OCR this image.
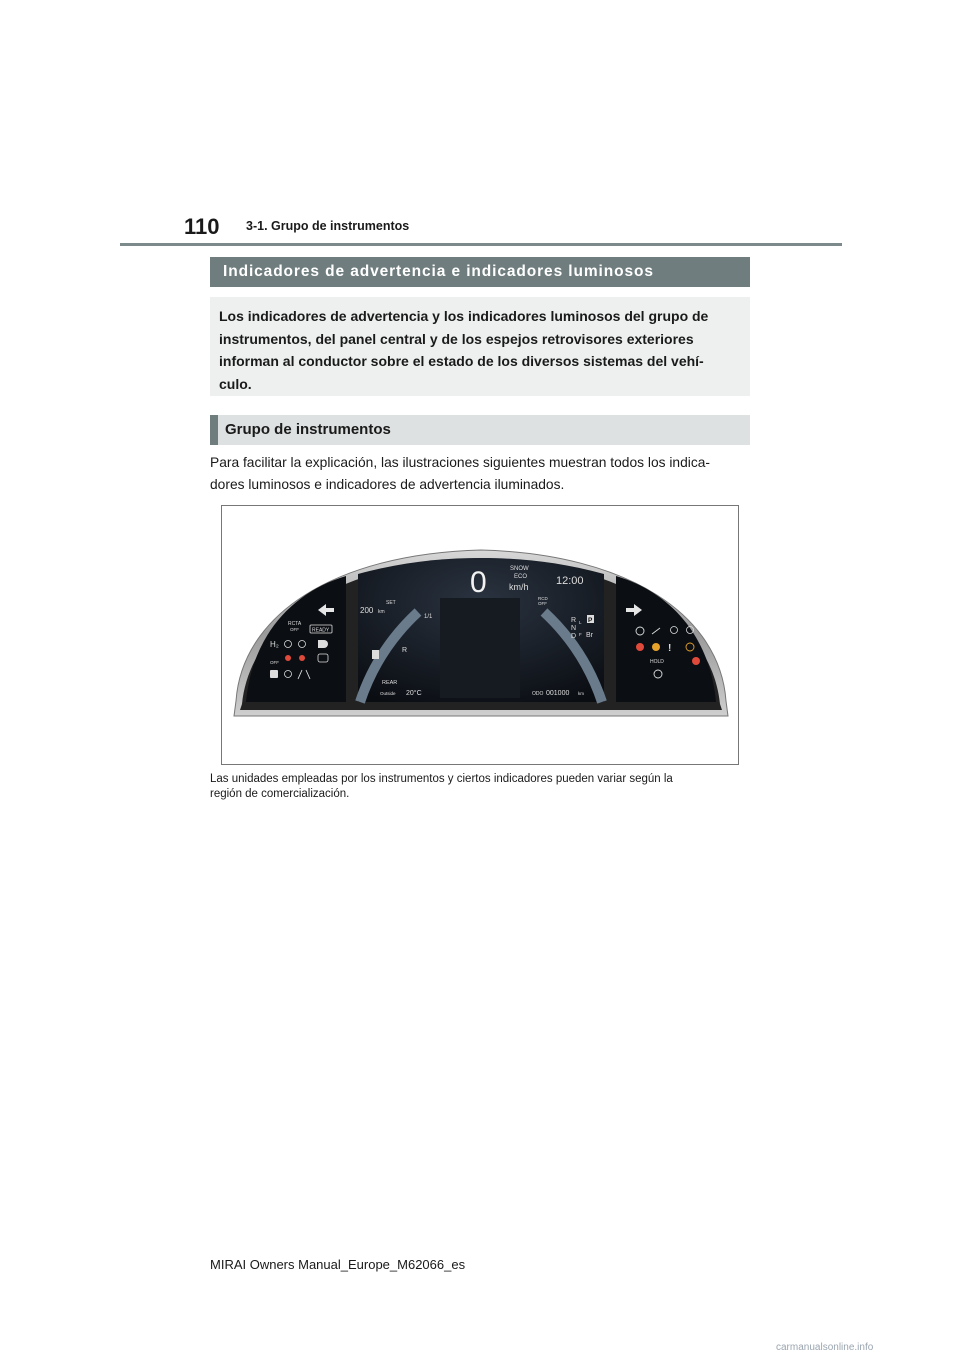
110 3-1. Grupo de instrumentos
Indicadores de advertencia e indicadores luminosos
Los indicadores de advertencia y los indicadores luminosos del grupo de
instrumentos, del panel central y de los espejos retrovisores exteriores
informan al conductor sobre el estado de los diversos sistemas del vehí-
culo.
Grupo de instrumentos
Para facilitar la explicación, las ilustraciones siguientes muestran todos los indica-
dores luminosos e indicadores de advertencia iluminados.
RCTA
OFF	READY
H₂
OFF
0	SNOW
ECO
km/h 12:00
SET
RCD
OFF
200 km
1/1
R
R
N
D
L
F
P
Br
REAR
Outside 20°C	ODO 001000 km
!
HOLD
Las unidades empleadas por los instrumentos y ciertos indicadores pueden variar según la
región de comercialización.
MIRAI Owners Manual_Europe_M62066_es
carmanualsonline.info
